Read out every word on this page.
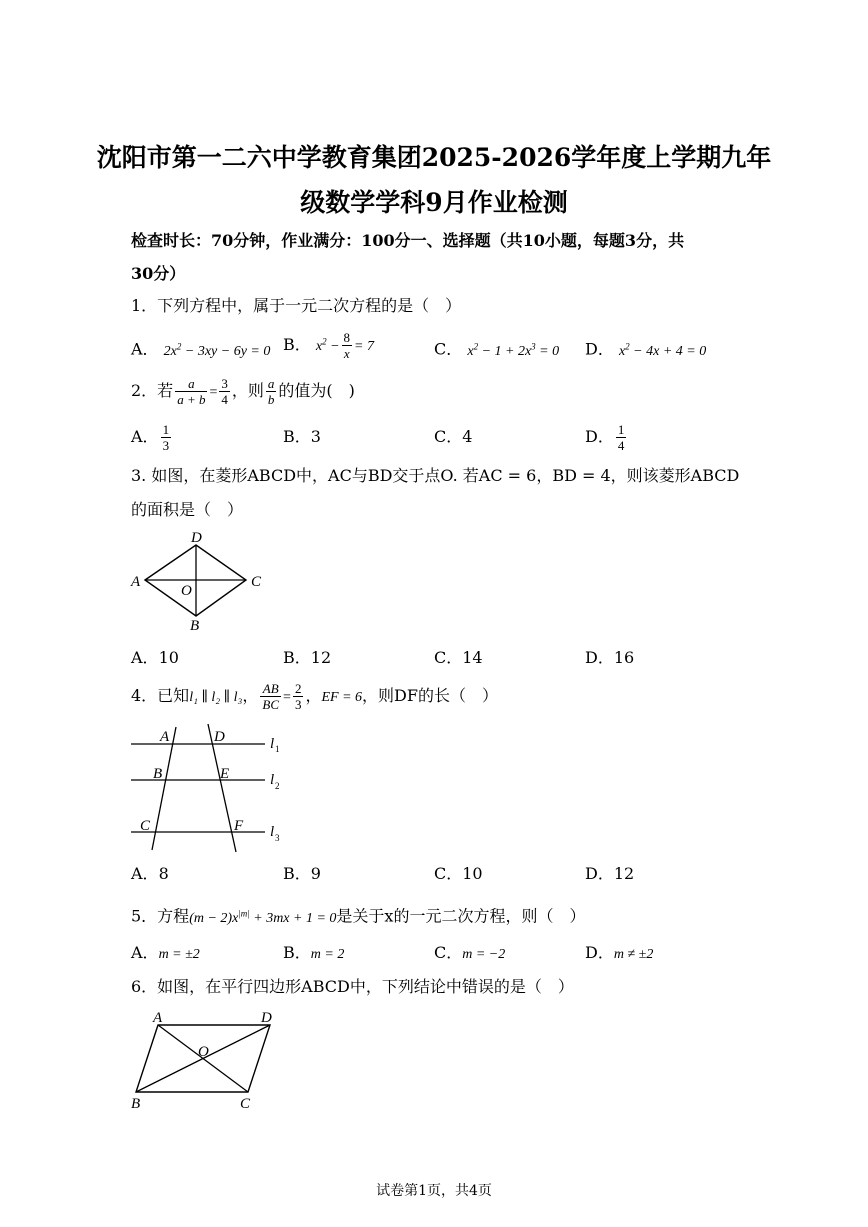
沈阳市第一二六中学教育集团2025-2026学年度上学期九年
级数学学科9月作业检测
检查时长：70分钟，作业满分：100分一、选择题（共10小题，每题3分，共
30分）
1．下列方程中，属于一元二次方程的是（　）
A． $2x^2 - 3xy - 6y = 0$ B． $x^2 - \frac{8}{x} = 7$	C． $x^2 - 1 + 2x^3 = 0$ D． $x^2 - 4x + 4 = 0$
2．若 $\frac{a}{a + b} = \frac{3}{4}$ ，则 $\frac{a}{b}$ 的值为(　)
A． $\frac{1}{3}$	B．3	C．4	D． $\frac{1}{4}$
3. 如图，在菱形ABCD中，AC与BD交于点O. 若AC = 6，BD = 4，则该菱形ABCD
的面积是（　）
D
A	C
O
B
A．10	B．12	C．14	D．16
4．已知l₁ ∥ l₂ ∥ l₃， $\frac{AB}{BC} = \frac{2}{3}$ ，EF = 6，则DF的长（　）
A	D
B	E
C	F
l 1
l 2
l 3
A．8	B．9	C．10	D．12
5．方程$(m - 2)x^{|m|} + 3mx + 1 = 0$是关于x的一元二次方程，则（　）
A．m = ±2	B．m = 2	C．m = −2	D．m ≠ ±2
6．如图，在平行四边形ABCD中，下列结论中错误的是（　）
A	D
O
B	C
试卷第1页，共4页
